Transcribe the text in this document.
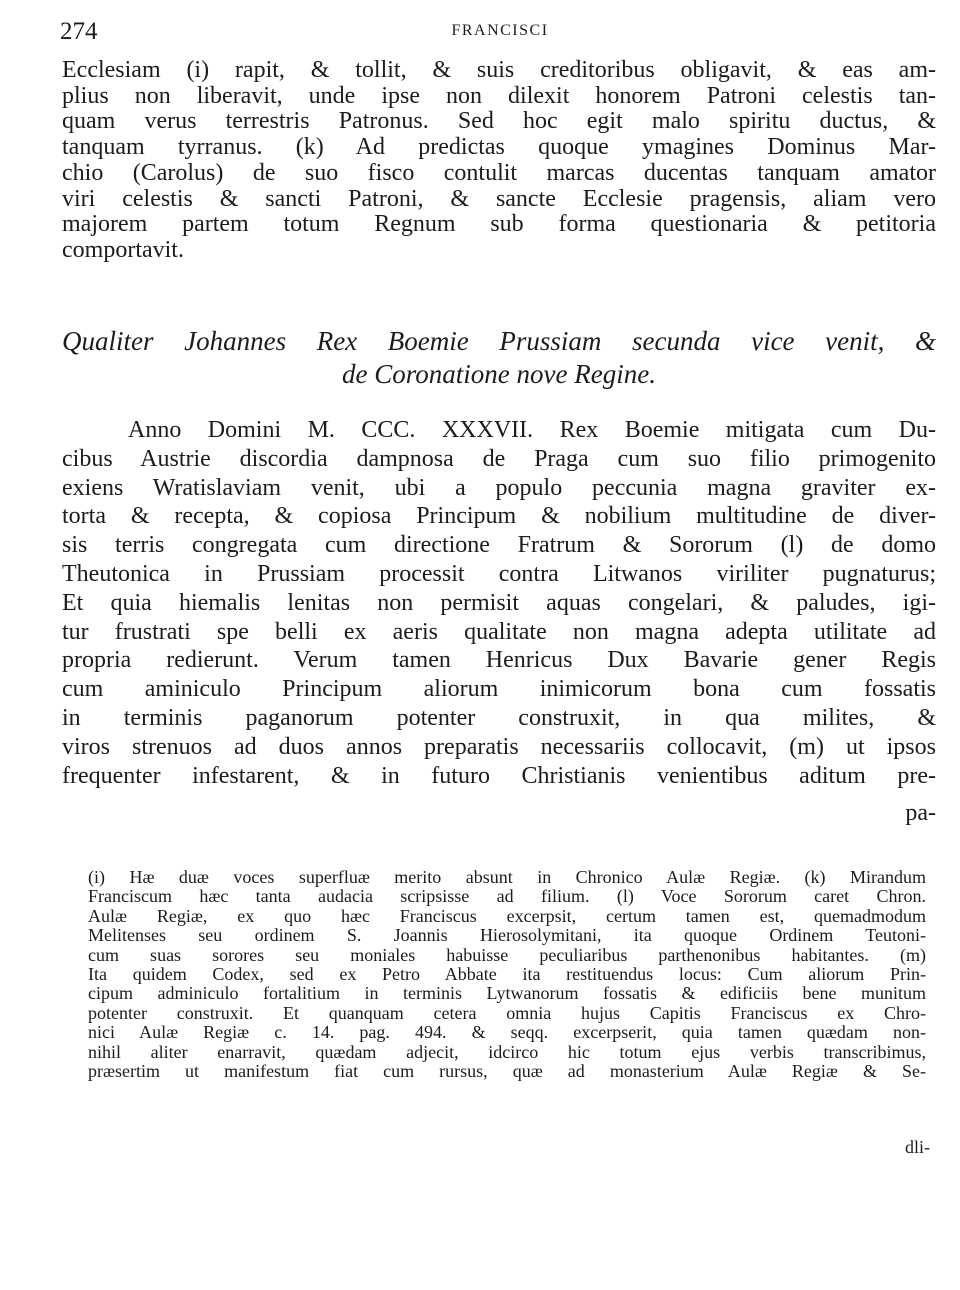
274	FRANCISCI
Ecclesiam (i) rapit, & tollit, & suis creditoribus obligavit, & eas am-
plius non liberavit, unde ipse non dilexit honorem Patroni celestis tan-
quam verus terrestris Patronus. Sed hoc egit malo spiritu ductus, &
tanquam tyrranus. (k) Ad predictas quoque ymagines Dominus Mar-
chio (Carolus) de suo fisco contulit marcas ducentas tanquam amator
viri celestis & sancti Patroni, & sancte Ecclesie pragensis, aliam vero
majorem partem totum Regnum sub forma questionaria & petitoria
comportavit.
Qualiter Johannes Rex Boemie Prussiam secunda vice venit, &
de Coronatione nove Regine.
Anno Domini M. CCC. XXXVII. Rex Boemie mitigata cum Du-
cibus Austrie discordia dampnosa de Praga cum suo filio primogenito
exiens Wratislaviam venit, ubi a populo peccunia magna graviter ex-
torta & recepta, & copiosa Principum & nobilium multitudine de diver-
sis terris congregata cum directione Fratrum & Sororum (l) de domo
Theutonica in Prussiam processit contra Litwanos viriliter pugnaturus;
Et quia hiemalis lenitas non permisit aquas congelari, & paludes, igi-
tur frustrati spe belli ex aeris qualitate non magna adepta utilitate ad
propria redierunt. Verum tamen Henricus Dux Bavarie gener Regis
cum aminiculo Principum aliorum inimicorum bona cum fossatis
in terminis paganorum potenter construxit, in qua milites, &
viros strenuos ad duos annos preparatis necessariis collocavit, (m) ut ipsos
frequenter infestarent, & in futuro Christianis venientibus aditum pre-
pa-
(i) Hæ duæ voces superfluæ merito absunt in Chronico Aulæ Regiæ. (k) Mirandum
Franciscum hæc tanta audacia scripsisse ad filium. (l) Voce Sororum caret Chron.
Aulæ Regiæ, ex quo hæc Franciscus excerpsit, certum tamen est, quemadmodum
Melitenses seu ordinem S. Joannis Hierosolymitani, ita quoque Ordinem Teutoni-
cum suas sorores seu moniales habuisse peculiaribus parthenonibus habitantes. (m)
Ita quidem Codex, sed ex Petro Abbate ita restituendus locus: Cum aliorum Prin-
cipum adminiculo fortalitium in terminis Lytwanorum fossatis & edificiis bene munitum
potenter construxit. Et quanquam cetera omnia hujus Capitis Franciscus ex Chro-
nici Aulæ Regiæ c. 14. pag. 494. & seqq. excerpserit, quia tamen quædam non-
nihil aliter enarravit, quædam adjecit, idcirco hic totum ejus verbis transcribimus,
præsertim ut manifestum fiat cum rursus, quæ ad monasterium Aulæ Regiæ & Se-
dli-
